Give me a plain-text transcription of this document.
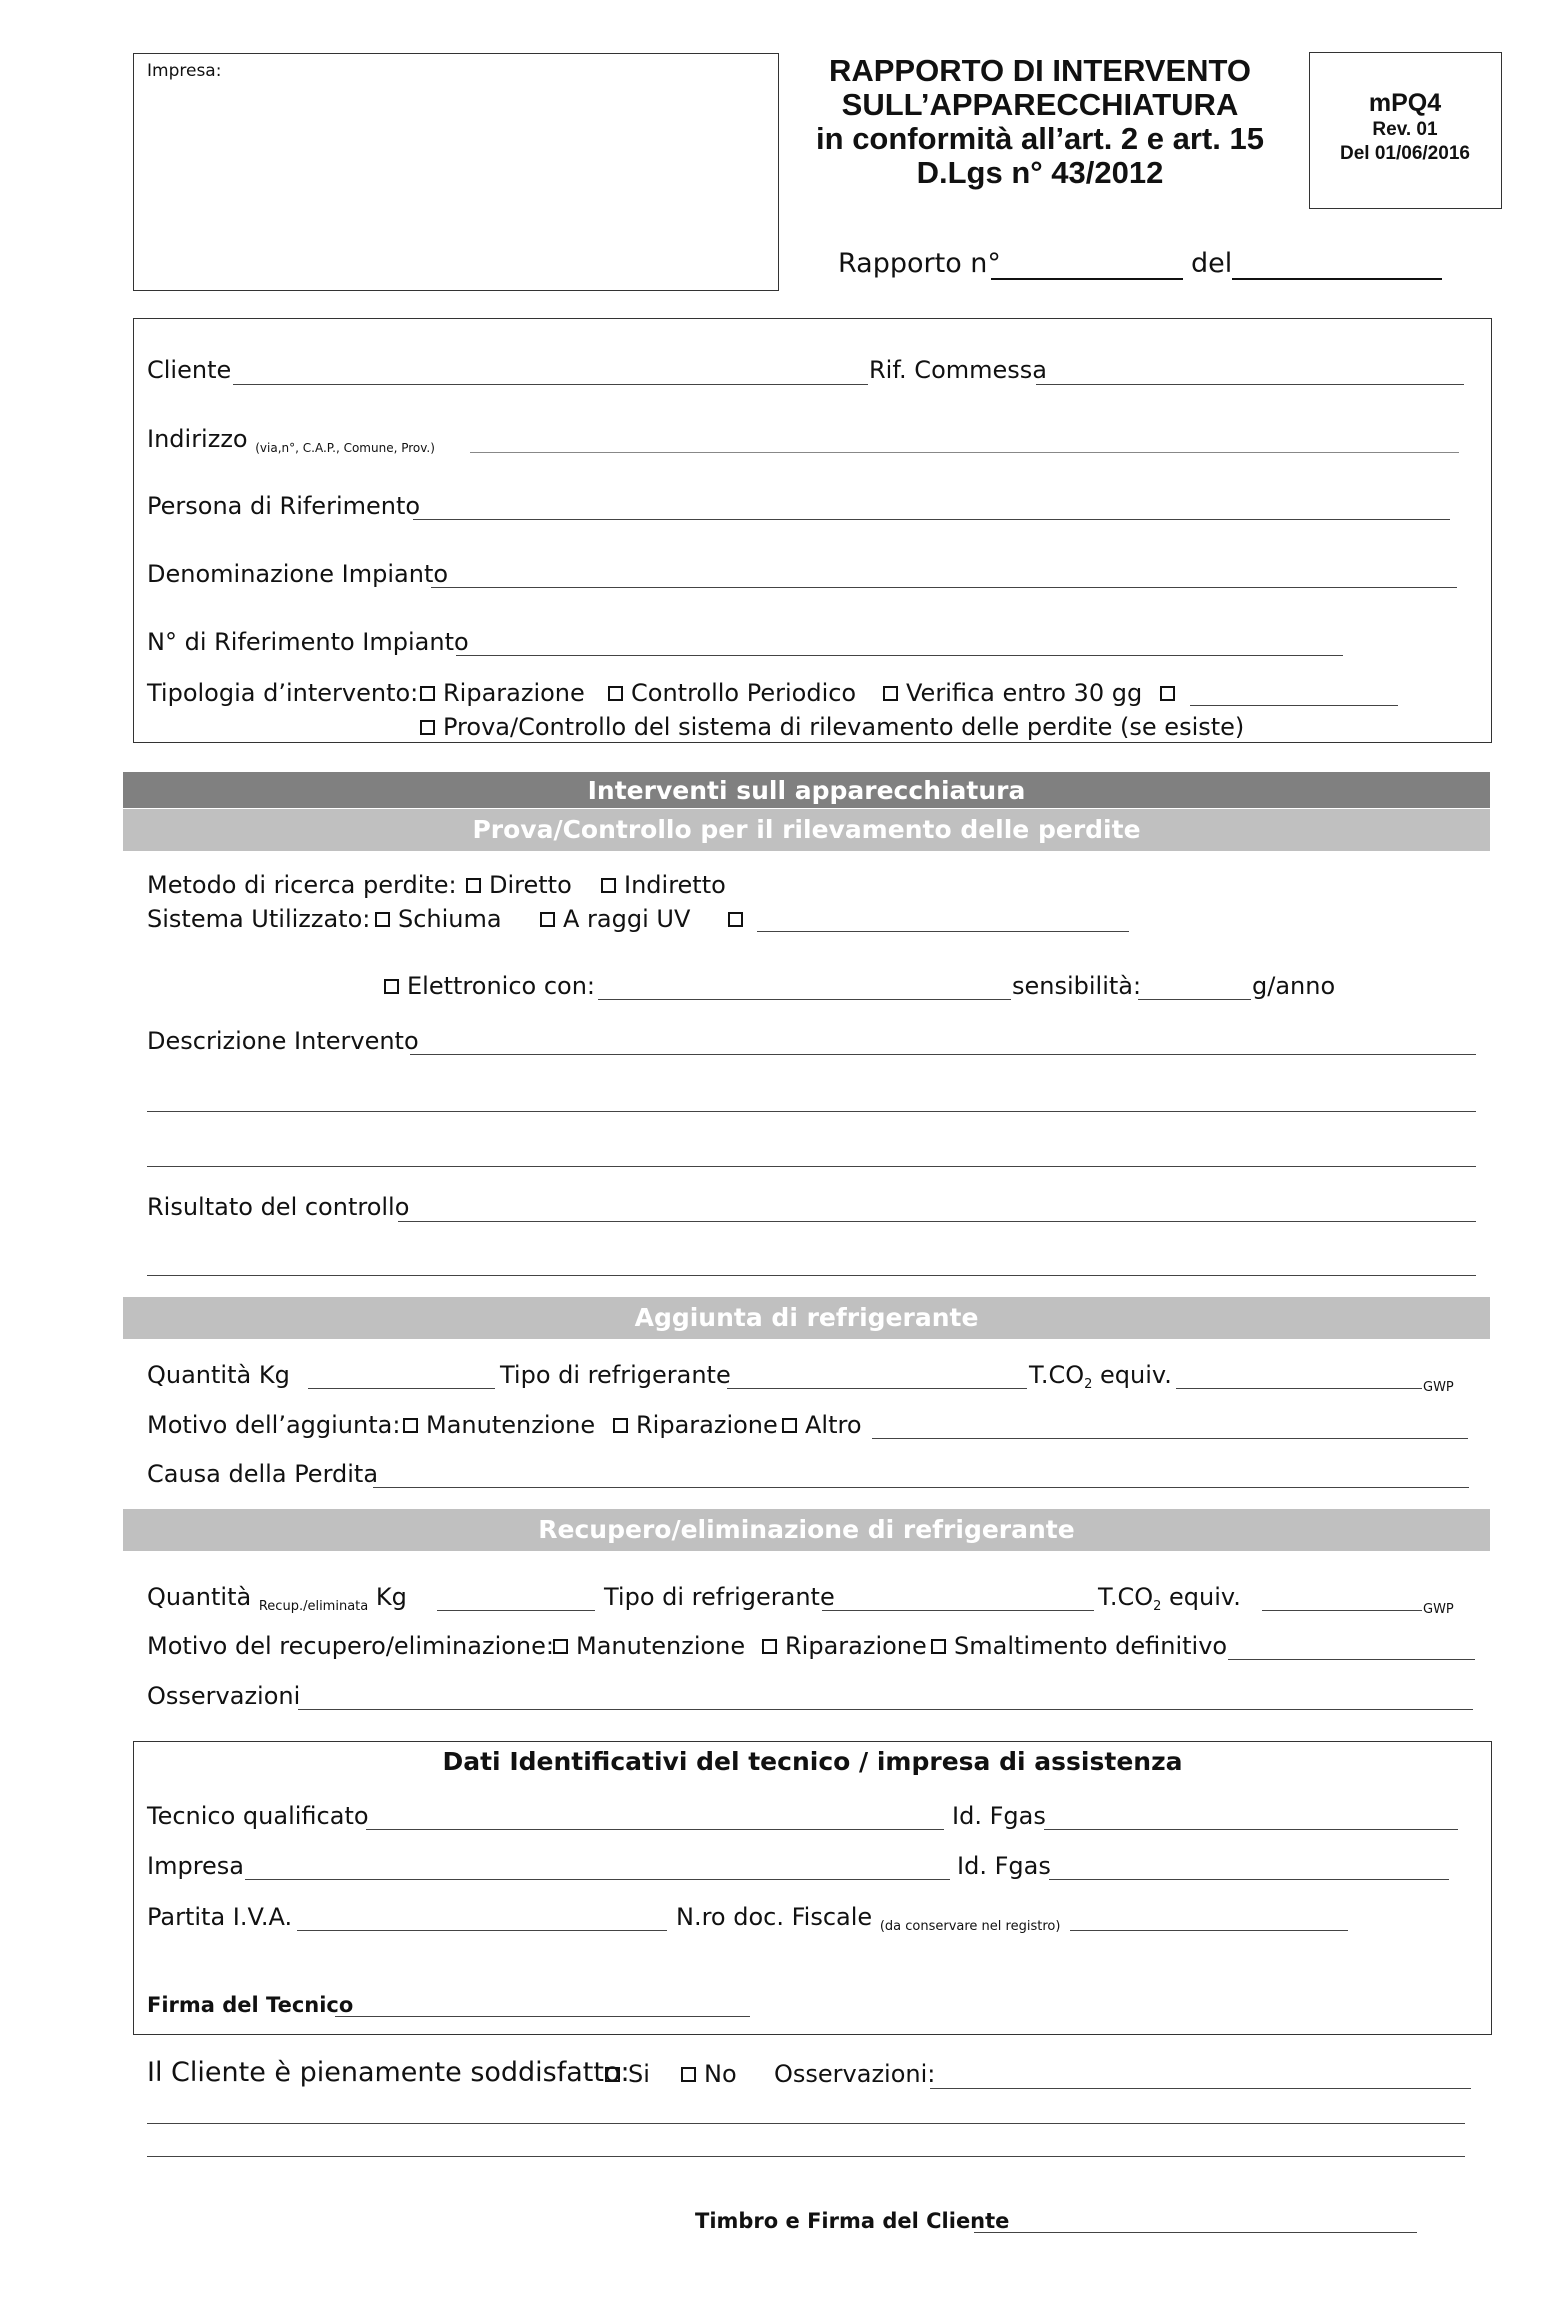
Impresa:	RAPPORTO DI INTERVENTO
SULL’APPARECCHIATURA
in conformità all’art. 2 e art. 15
D.Lgs n° 43/2012
mPQ4
Rev. 01
Del 01/06/2016
Rapporto n°	del
Cliente	Rif. Commessa
Indirizzo $_{(via,n^\circ, C.A.P., Comune, Prov.)}$
Persona di Riferimento
Denominazione Impianto
N° di Riferimento Impianto
Tipologia d’intervento:	Riparazione	Controllo Periodico	Verifica entro 30 gg
Prova/Controllo del sistema di rilevamento delle perdite (se esiste)
Interventi sull apparecchiatura
Prova/Controllo per il rilevamento delle perdite
Metodo di ricerca perdite:	Diretto	Indiretto
Sistema Utilizzato:	Schiuma	A raggi UV
Elettronico con:	sensibilità:	g/anno
Descrizione Intervento
Risultato del controllo
Aggiunta di refrigerante
Quantità Kg	Tipo di refrigerante	$T.CO_2$ equiv.	GWP
Motivo dell’aggiunta:	Manutenzione	Riparazione	Altro
Causa della Perdita
Recupero/eliminazione di refrigerante
Quantità $_{Recup./eliminata}$ Kg	Tipo di refrigerante	$T.CO_2$ equiv.	GWP
Motivo del recupero/eliminazione: Manutenzione	Riparazione	Smaltimento definitivo
Osservazioni
Dati Identificativi del tecnico / impresa di assistenza
Tecnico qualificato	Id. Fgas
Impresa	Id. Fgas
Partita I.V.A.	N.ro doc. Fiscale $_{(da conservare nel registro)}$
Firma del Tecnico
Il Cliente è pienamente soddisfatto:
Si	No Osservazioni:
Timbro e Firma del Cliente
